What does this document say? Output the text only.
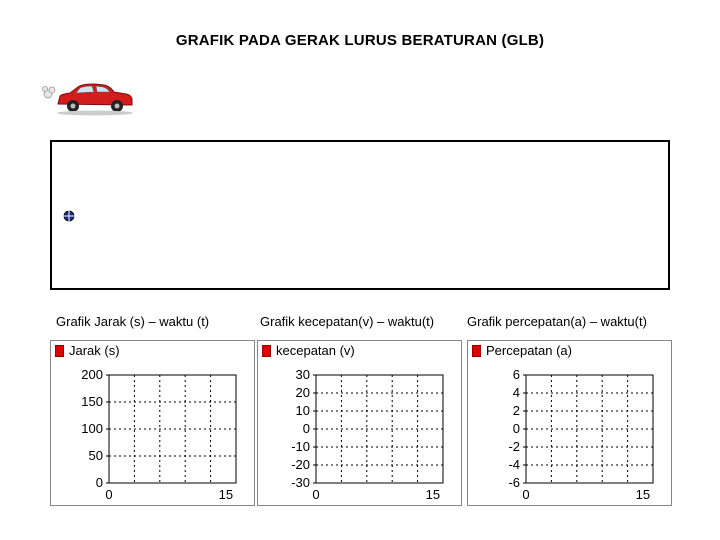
GRAFIK PADA GERAK LURUS BERATURAN (GLB)
Grafik Jarak (s) – waktu (t)	Grafik kecepatan(v) – waktu(t)	Grafik percepatan(a) – waktu(t)
Jarak (s)
200
150
100
50
0
0	15
kecepatan (v)
30
20
10
0
-10
-20
-30
0	15
Percepatan (a)
6
4
2
0
-2
-4
-6
0	15
